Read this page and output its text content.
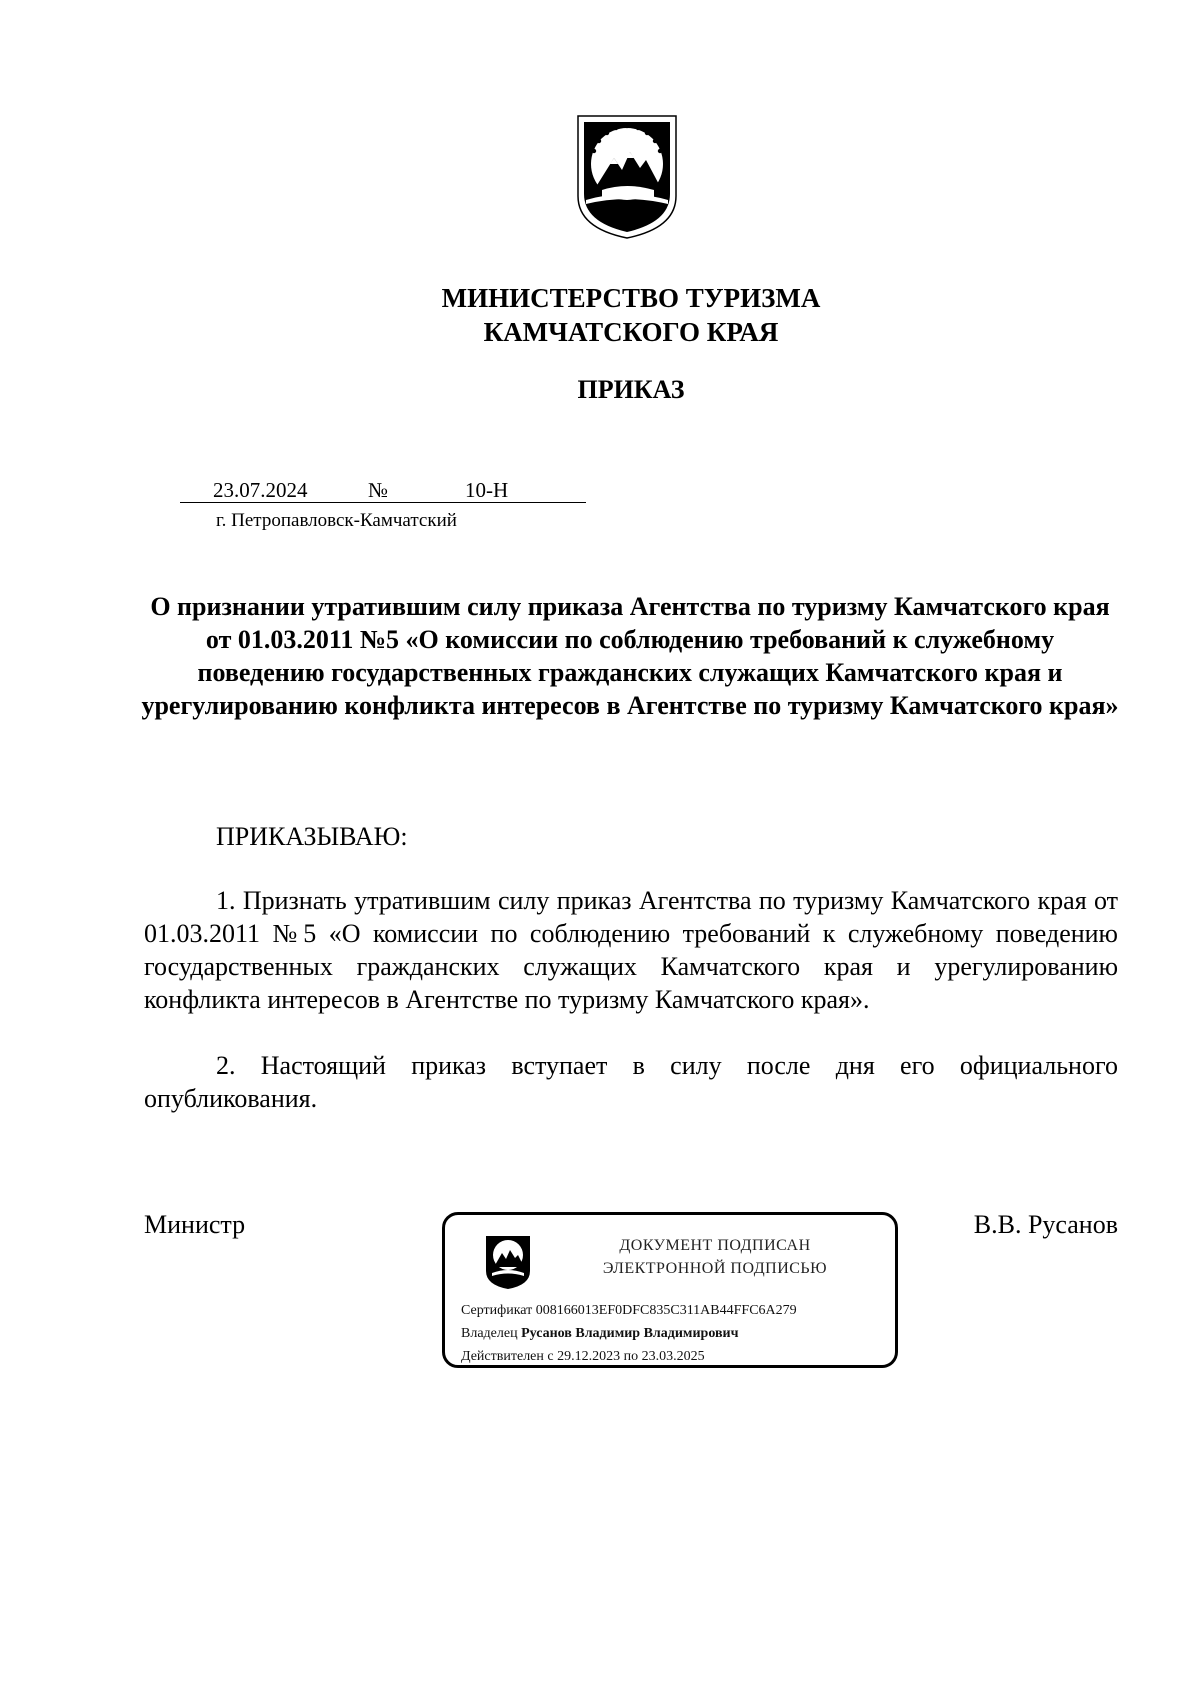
МИНИСТЕРСТВО ТУРИЗМА
КАМЧАТСКОГО КРАЯ
ПРИКАЗ
23.07.2024	№	10-Н
г. Петропавловск-Камчатский
О признании утратившим силу приказа Агентства по туризму Камчатского края от 01.03.2011 №5 «О комиссии по соблюдению требований к служебному поведению государственных гражданских служащих Камчатского края и урегулированию конфликта интересов в Агентстве по туризму Камчатского края»
ПРИКАЗЫВАЮ:
1. Признать утратившим силу приказ Агентства по туризму Камчатского края от 01.03.2011 №5 «О комиссии по соблюдению требований к служебному поведению государственных гражданских служащих Камчатского края и урегулированию конфликта интересов в Агентстве по туризму Камчатского края».
2. Настоящий приказ вступает в силу после дня его официального опубликования.
Министр	В.В. Русанов
ДОКУМЕНТ ПОДПИСАН
ЭЛЕКТРОННОЙ ПОДПИСЬЮ
Сертификат 008166013EF0DFC835C311AB44FFC6A279
Владелец Русанов Владимир Владимирович
Действителен с 29.12.2023 по 23.03.2025
